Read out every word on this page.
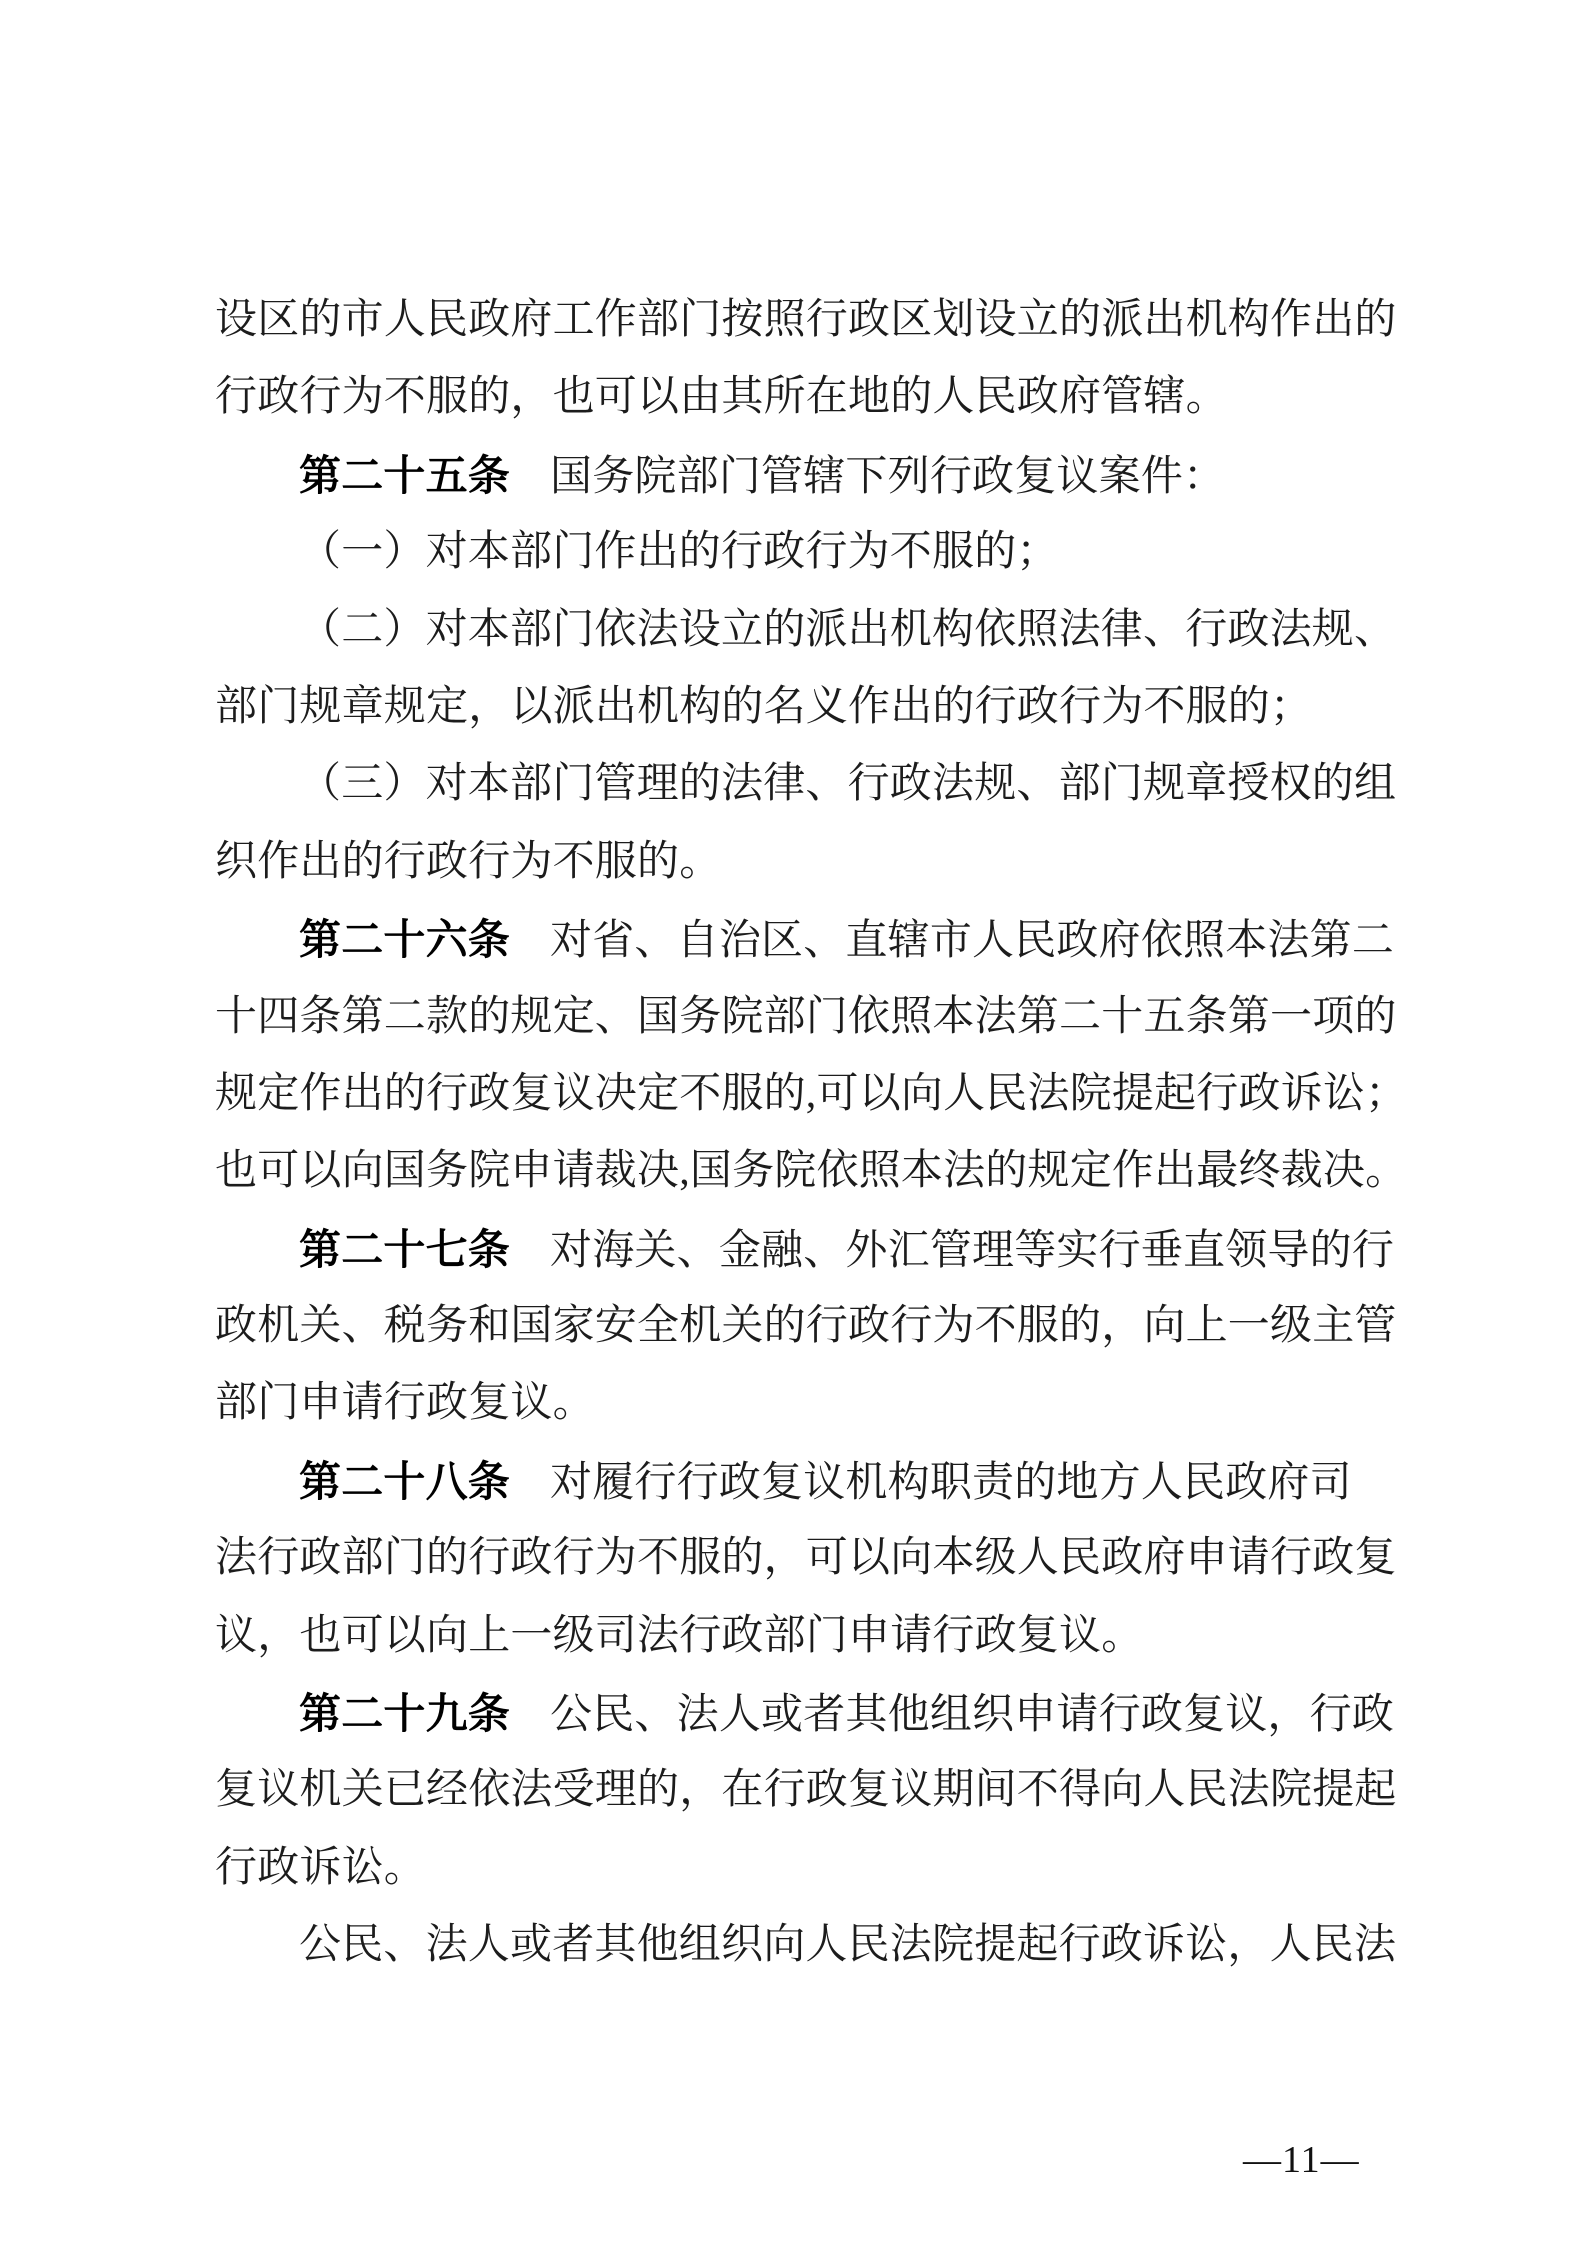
设区的市人民政府工作部门按照行政区划设立的派出机构作出的
行政行为不服的，也可以由其所在地的人民政府管辖。
第二十五条 国务院部门管辖下列行政复议案件：
（一）对本部门作出的行政行为不服的；
（二）对本部门依法设立的派出机构依照法律、行政法规、
部门规章规定，以派出机构的名义作出的行政行为不服的；
（三）对本部门管理的法律、行政法规、部门规章授权的组
织作出的行政行为不服的。
第二十六条 对省、自治区、直辖市人民政府依照本法第二
十四条第二款的规定、国务院部门依照本法第二十五条第一项的
规定作出的行政复议决定不服的,可以向人民法院提起行政诉讼；
也可以向国务院申请裁决,国务院依照本法的规定作出最终裁决。
第二十七条 对海关、金融、外汇管理等实行垂直领导的行
政机关、税务和国家安全机关的行政行为不服的，向上一级主管
部门申请行政复议。
第二十八条 对履行行政复议机构职责的地方人民政府司
法行政部门的行政行为不服的，可以向本级人民政府申请行政复
议，也可以向上一级司法行政部门申请行政复议。
第二十九条 公民、法人或者其他组织申请行政复议，行政
复议机关已经依法受理的，在行政复议期间不得向人民法院提起
行政诉讼。
公民、法人或者其他组织向人民法院提起行政诉讼，人民法
—11—
